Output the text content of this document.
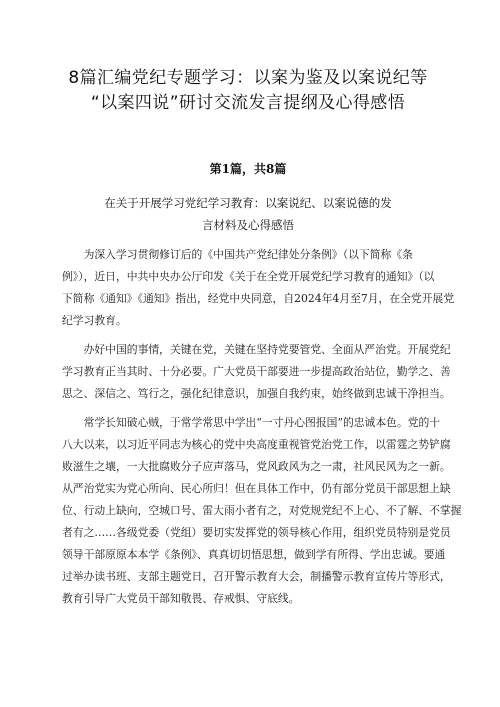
8篇汇编党纪专题学习：以案为鉴及以案说纪等
“以案四说”研讨交流发言提纲及心得感悟
第1篇，共8篇
在关于开展学习党纪学习教育：以案说纪、以案说德的发
言材料及心得感悟

为深入学习贯彻修订后的《中国共产党纪律处分条例》（以下简称《条
例》），近日，中共中央办公厅印发《关于在全党开展党纪学习教育的通知》（以
下简称《通知》《通知》指出，经党中央同意，自2024年4月至7月，在全党开展党
纪学习教育。

办好中国的事情，关键在党，关键在坚持党要管党、全面从严治党。开展党纪
学习教育正当其时、十分必要。广大党员干部要进一步提高政治站位，勤学之、善
思之、深信之、笃行之，强化纪律意识，加强自我约束，始终做到忠诚干净担当。

常学长知破心贼，于常学常思中学出“一寸丹心图报国”的忠诚本色。党的十
八大以来，以习近平同志为核心的党中央高度重视管党治党工作，以雷霆之势铲腐
败滋生之壤，一大批腐败分子应声落马，党风政风为之一肃，社风民风为之一新。
从严治党实为党心所向、民心所归！但在具体工作中，仍有部分党员干部思想上缺
位、行动上缺向，空城口号、雷大雨小者有之，对党规党纪不上心、不了解、不掌握
者有之……各级党委（党组）要切实发挥党的领导核心作用，组织党员特别是党员
领导干部原原本本学《条例》、真真切切悟思想，做到学有所得、学出忠诚。要通
过举办读书班、支部主题党日，召开警示教育大会，制播警示教育宣传片等形式，
教育引导广大党员干部知敬畏、存戒惧、守底线。
